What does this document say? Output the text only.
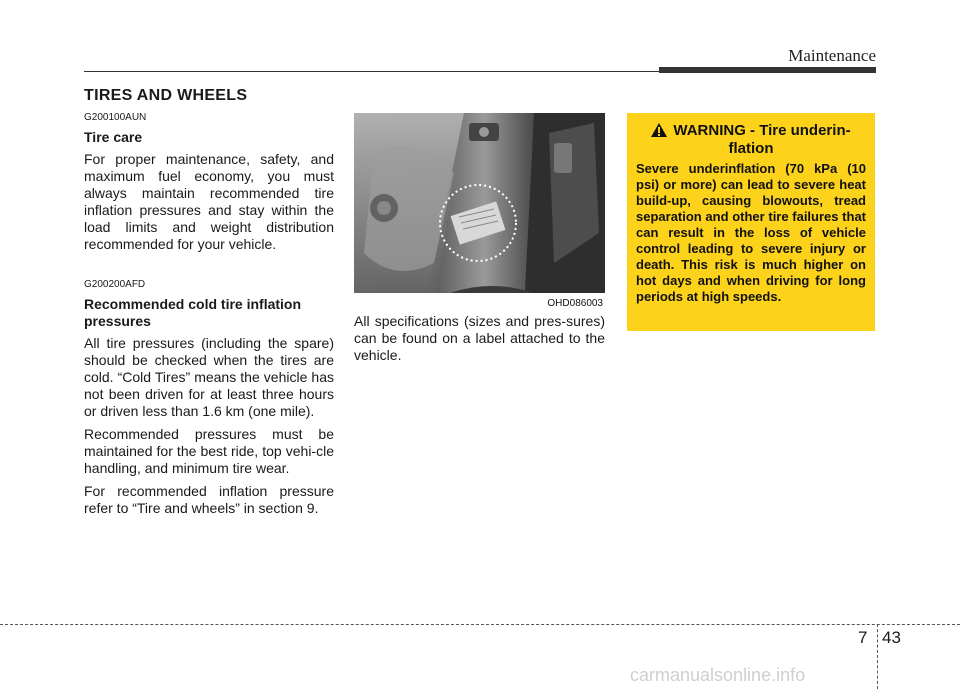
Maintenance
TIRES AND WHEELS
G200100AUN
Tire care

For proper maintenance, safety, and maximum fuel economy, you must always maintain recommended tire inflation pressures and stay within the load limits and weight distribution recommended for your vehicle.

G200200AFD
Recommended cold tire inflation pressures

All tire pressures (including the spare) should be checked when the tires are cold. “Cold Tires” means the vehicle has not been driven for at least three hours or driven less than 1.6 km (one mile).

Recommended pressures must be maintained for the best ride, top vehi-cle handling, and minimum tire wear.

For recommended inflation pressure refer to “Tire and wheels” in section 9.

OHD086003

All specifications (sizes and pres-sures) can be found on a label attached to the vehicle.

WARNING - Tire underin-flation
Severe underinflation (70 kPa (10 psi) or more) can lead to severe heat build-up, causing blowouts, tread separation and other tire failures that can result in the loss of vehicle control leading to severe injury or death. This risk is much higher on hot days and when driving for long periods at high speeds.
7 43
carmanualsonline.info
